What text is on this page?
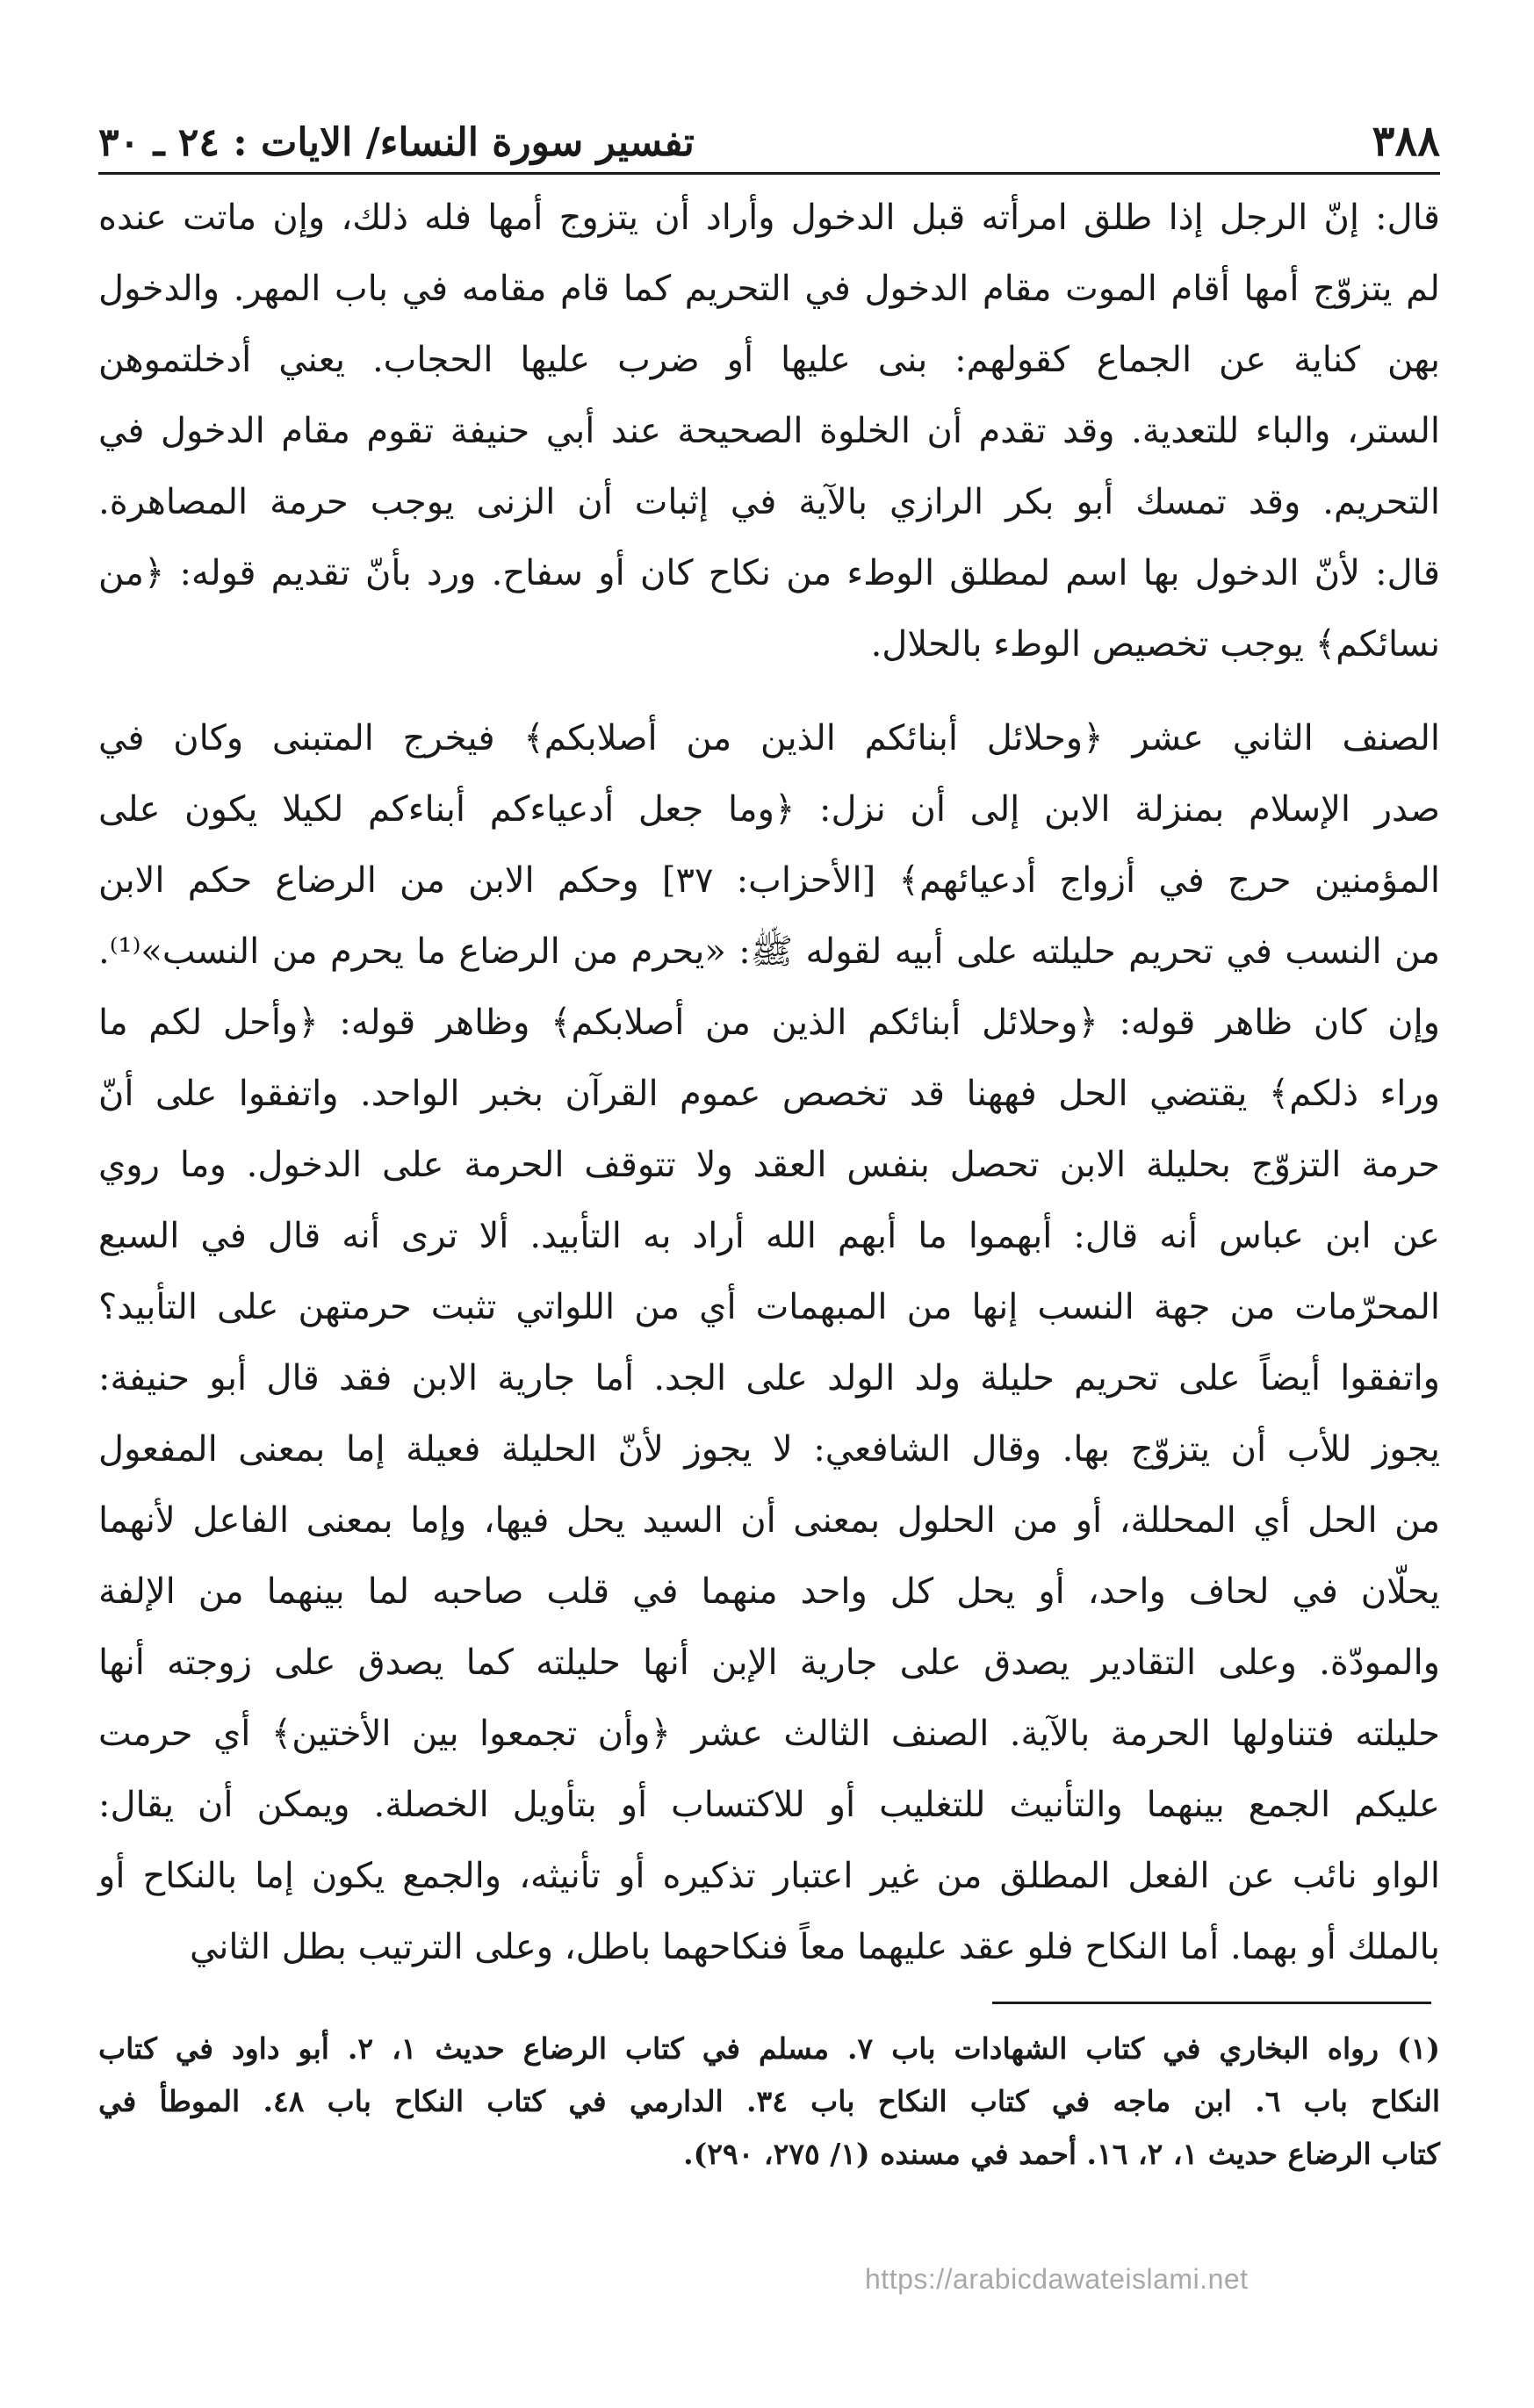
٣٨٨
تفسير سورة النساء/ الايات : ٢٤ ـ ٣٠

قال: إنّ الرجل إذا طلق امرأته قبل الدخول وأراد أن يتزوج أمها فله ذلك، وإن ماتت عنده
لم يتزوّج أمها أقام الموت مقام الدخول في التحريم كما قام مقامه في باب المهر. والدخول
بهن كناية عن الجماع كقولهم: بنى عليها أو ضرب عليها الحجاب. يعني أدخلتموهن
الستر، والباء للتعدية. وقد تقدم أن الخلوة الصحيحة عند أبي حنيفة تقوم مقام الدخول في
التحريم. وقد تمسك أبو بكر الرازي بالآية في إثبات أن الزنى يوجب حرمة المصاهرة.
قال: لأنّ الدخول بها اسم لمطلق الوطء من نكاح كان أو سفاح. ورد بأنّ تقديم قوله: ﴿من
نسائكم﴾ يوجب تخصيص الوطء بالحلال.

الصنف الثاني عشر ﴿وحلائل أبنائكم الذين من أصلابكم﴾ فيخرج المتبنى وكان في
صدر الإسلام بمنزلة الابن إلى أن نزل: ﴿وما جعل أدعياءكم أبناءكم لكيلا يكون على
المؤمنين حرج في أزواج أدعيائهم﴾ [الأحزاب: ٣٧] وحكم الابن من الرضاع حكم الابن
من النسب في تحريم حليلته على أبيه لقوله ﷺ: «يحرم من الرضاع ما يحرم من النسب»⁽¹⁾.
وإن كان ظاهر قوله: ﴿وحلائل أبنائكم الذين من أصلابكم﴾ وظاهر قوله: ﴿وأحل لكم ما
وراء ذلكم﴾ يقتضي الحل فههنا قد تخصص عموم القرآن بخبر الواحد. واتفقوا على أنّ
حرمة التزوّج بحليلة الابن تحصل بنفس العقد ولا تتوقف الحرمة على الدخول. وما روي
عن ابن عباس أنه قال: أبهموا ما أبهم الله أراد به التأبيد. ألا ترى أنه قال في السبع
المحرّمات من جهة النسب إنها من المبهمات أي من اللواتي تثبت حرمتهن على التأبيد؟
واتفقوا أيضاً على تحريم حليلة ولد الولد على الجد. أما جارية الابن فقد قال أبو حنيفة:
يجوز للأب أن يتزوّج بها. وقال الشافعي: لا يجوز لأنّ الحليلة فعيلة إما بمعنى المفعول
من الحل أي المحللة، أو من الحلول بمعنى أن السيد يحل فيها، وإما بمعنى الفاعل لأنهما
يحلّان في لحاف واحد، أو يحل كل واحد منهما في قلب صاحبه لما بينهما من الإلفة
والمودّة. وعلى التقادير يصدق على جارية الإبن أنها حليلته كما يصدق على زوجته أنها
حليلته فتناولها الحرمة بالآية. الصنف الثالث عشر ﴿وأن تجمعوا بين الأختين﴾ أي حرمت
عليكم الجمع بينهما والتأنيث للتغليب أو للاكتساب أو بتأويل الخصلة. ويمكن أن يقال:
الواو نائب عن الفعل المطلق من غير اعتبار تذكيره أو تأنيثه، والجمع يكون إما بالنكاح أو
بالملك أو بهما. أما النكاح فلو عقد عليهما معاً فنكاحهما باطل، وعلى الترتيب بطل الثاني

(١) رواه البخاري في كتاب الشهادات باب ٧. مسلم في كتاب الرضاع حديث ١، ٢. أبو داود في كتاب
النكاح باب ٦. ابن ماجه في كتاب النكاح باب ٣٤. الدارمي في كتاب النكاح باب ٤٨. الموطأ في
كتاب الرضاع حديث ١، ٢، ١٦. أحمد في مسنده (١/ ٢٧٥، ٢٩٠).
https://arabicdawateislami.net
